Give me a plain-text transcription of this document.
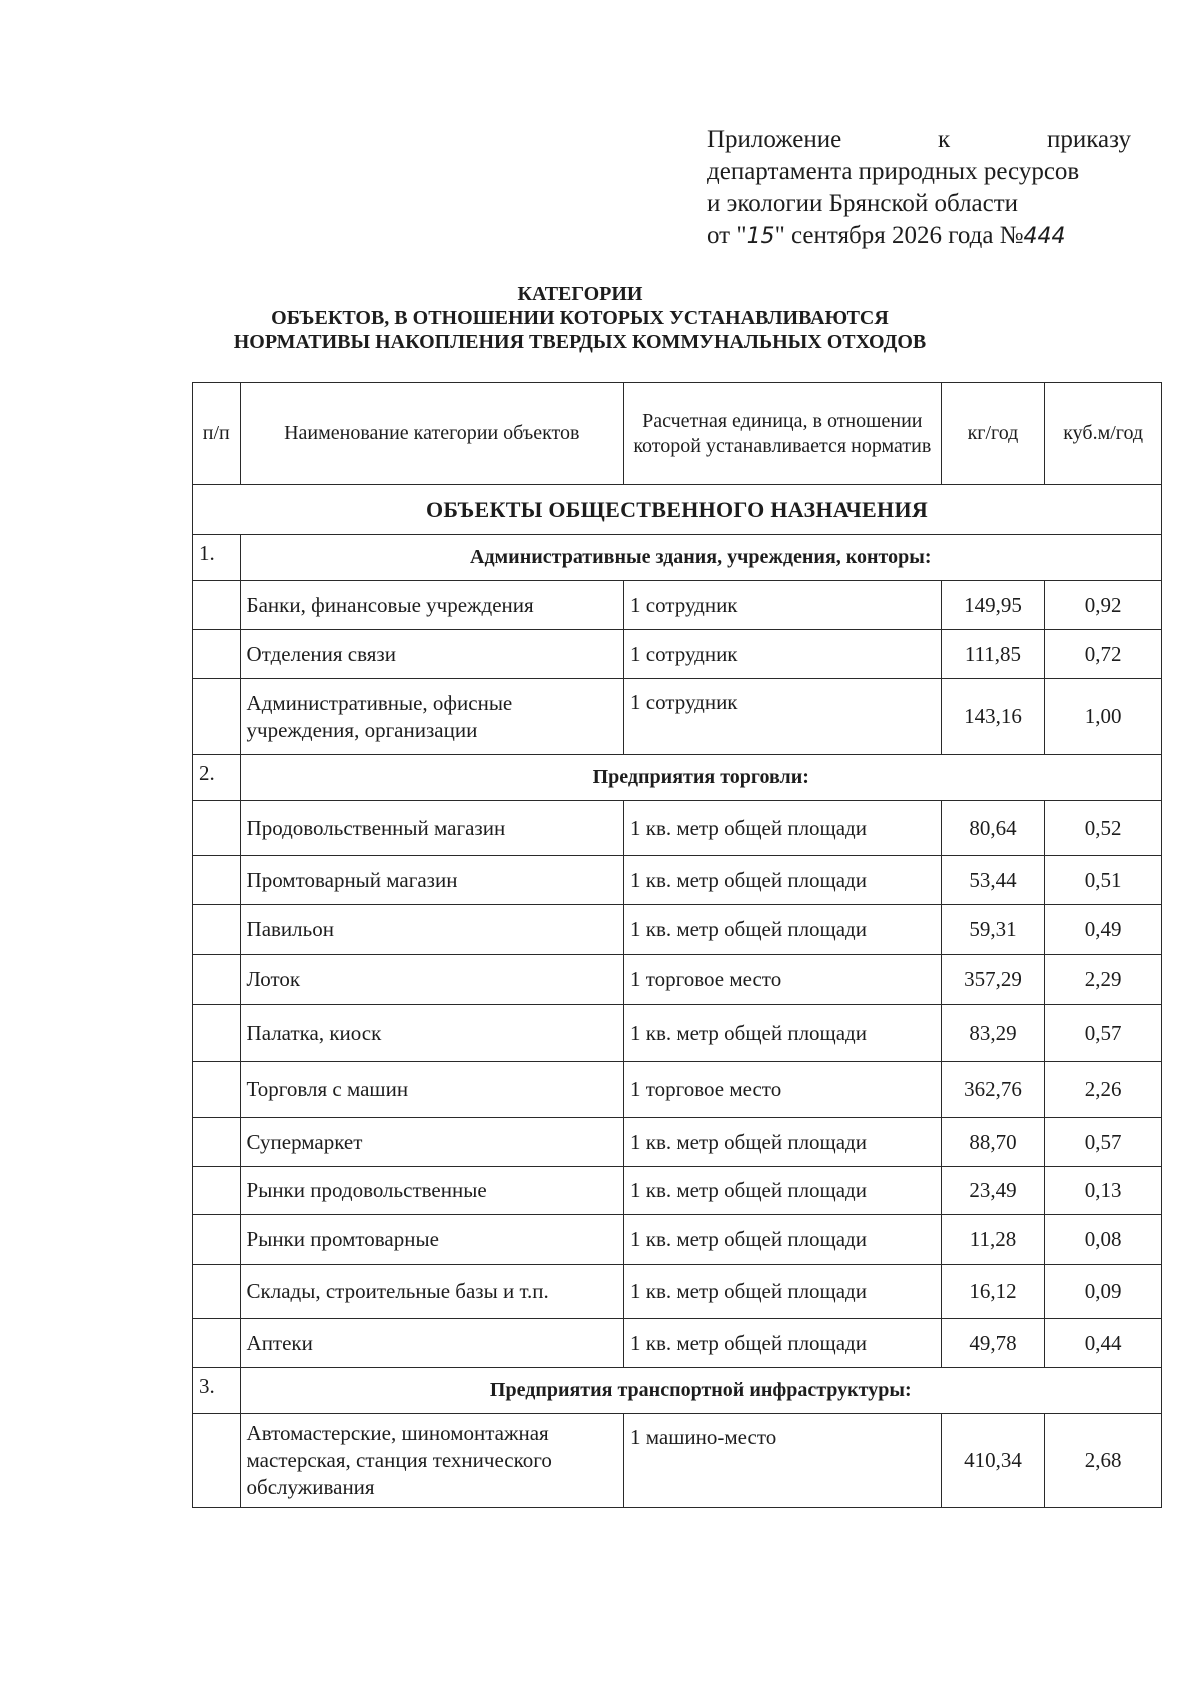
Приложение	к	приказу
департамента природных ресурсов
и экологии Брянской области
от "15" сентября 2026 года №444
КАТЕГОРИИ
ОБЪЕКТОВ, В ОТНОШЕНИИ КОТОРЫХ УСТАНАВЛИВАЮТСЯ
НОРМАТИВЫ НАКОПЛЕНИЯ ТВЕРДЫХ КОММУНАЛЬНЫХ ОТХОДОВ
п/п	Наименование категории объектов	Расчетная единица, в отношении которой устанавливается норматив	кг/год	куб.м/год
ОБЪЕКТЫ ОБЩЕСТВЕННОГО НАЗНАЧЕНИЯ				
1.	Административные здания, учреждения, конторы:			
	Банки, финансовые учреждения	1 сотрудник	149,95	0,92
	Отделения связи	1 сотрудник	111,85	0,72
	Административные, офисные учреждения, организации	1 сотрудник	143,16	1,00
2.	Предприятия торговли:			
	Продовольственный магазин	1 кв. метр общей площади	80,64	0,52
	Промтоварный магазин	1 кв. метр общей площади	53,44	0,51
	Павильон	1 кв. метр общей площади	59,31	0,49
	Лоток	1 торговое место	357,29	2,29
	Палатка, киоск	1 кв. метр общей площади	83,29	0,57
	Торговля с машин	1 торговое место	362,76	2,26
	Супермаркет	1 кв. метр общей площади	88,70	0,57
	Рынки продовольственные	1 кв. метр общей площади	23,49	0,13
	Рынки промтоварные	1 кв. метр общей площади	11,28	0,08
	Склады, строительные базы и т.п.	1 кв. метр общей площади	16,12	0,09
	Аптеки	1 кв. метр общей площади	49,78	0,44
3.	Предприятия транспортной инфраструктуры:			
	Автомастерские, шиномонтажная мастерская, станция технического обслуживания	1 машино-место	410,34	2,68
